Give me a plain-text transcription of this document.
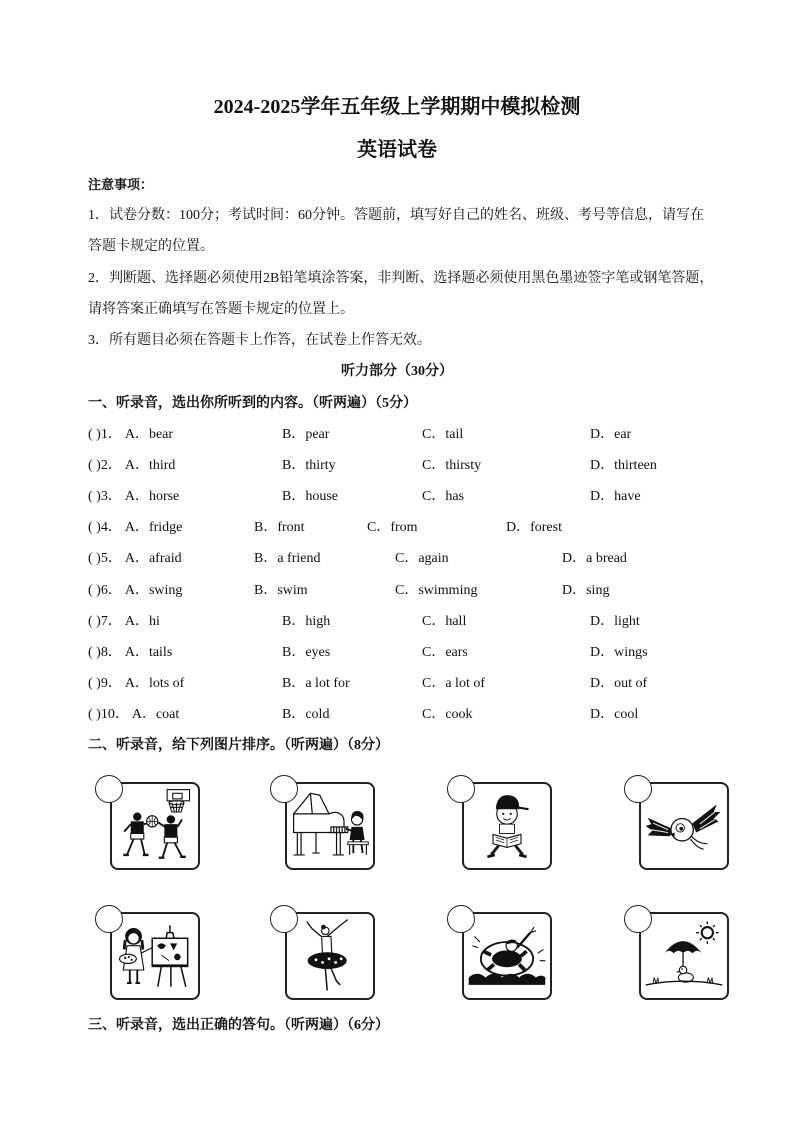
2024-2025学年五年级上学期期中模拟检测
英语试卷
注意事项：
1．试卷分数：100分；考试时间：60分钟。答题前，填写好自己的姓名、班级、考号等信息，请写在
答题卡规定的位置。
2．判断题、选择题必须使用2B铅笔填涂答案，非判断、选择题必须使用黑色墨迹签字笔或钢笔答题，
请将答案正确填写在答题卡规定的位置上。
3．所有题目必须在答题卡上作答，在试卷上作答无效。
听力部分（30分）
一、听录音，选出你所听到的内容。（听两遍）（5分）
( )1． A．bear	B．pear	C．tail	D．ear
( )2． A．third	B．thirty	C．thirsty	D．thirteen
( )3． A．horse	B．house	C．has	D．have
( )4． A．fridge	B．front	C．from	D．forest
( )5． A．afraid	B．a friend	C．again	D．a bread
( )6． A．swing	B．swim	C．swimming	D．sing
( )7． A．hi	B．high	C．hall	D．light
( )8． A．tails	B．eyes	C．ears	D．wings
( )9． A．lots of	B．a lot for	C．a lot of	D．out of
( )10． A．coat	B．cold	C．cook	D．cool
二、听录音，给下列图片排序。（听两遍）（8分）
三、听录音，选出正确的答句。（听两遍）（6分）
